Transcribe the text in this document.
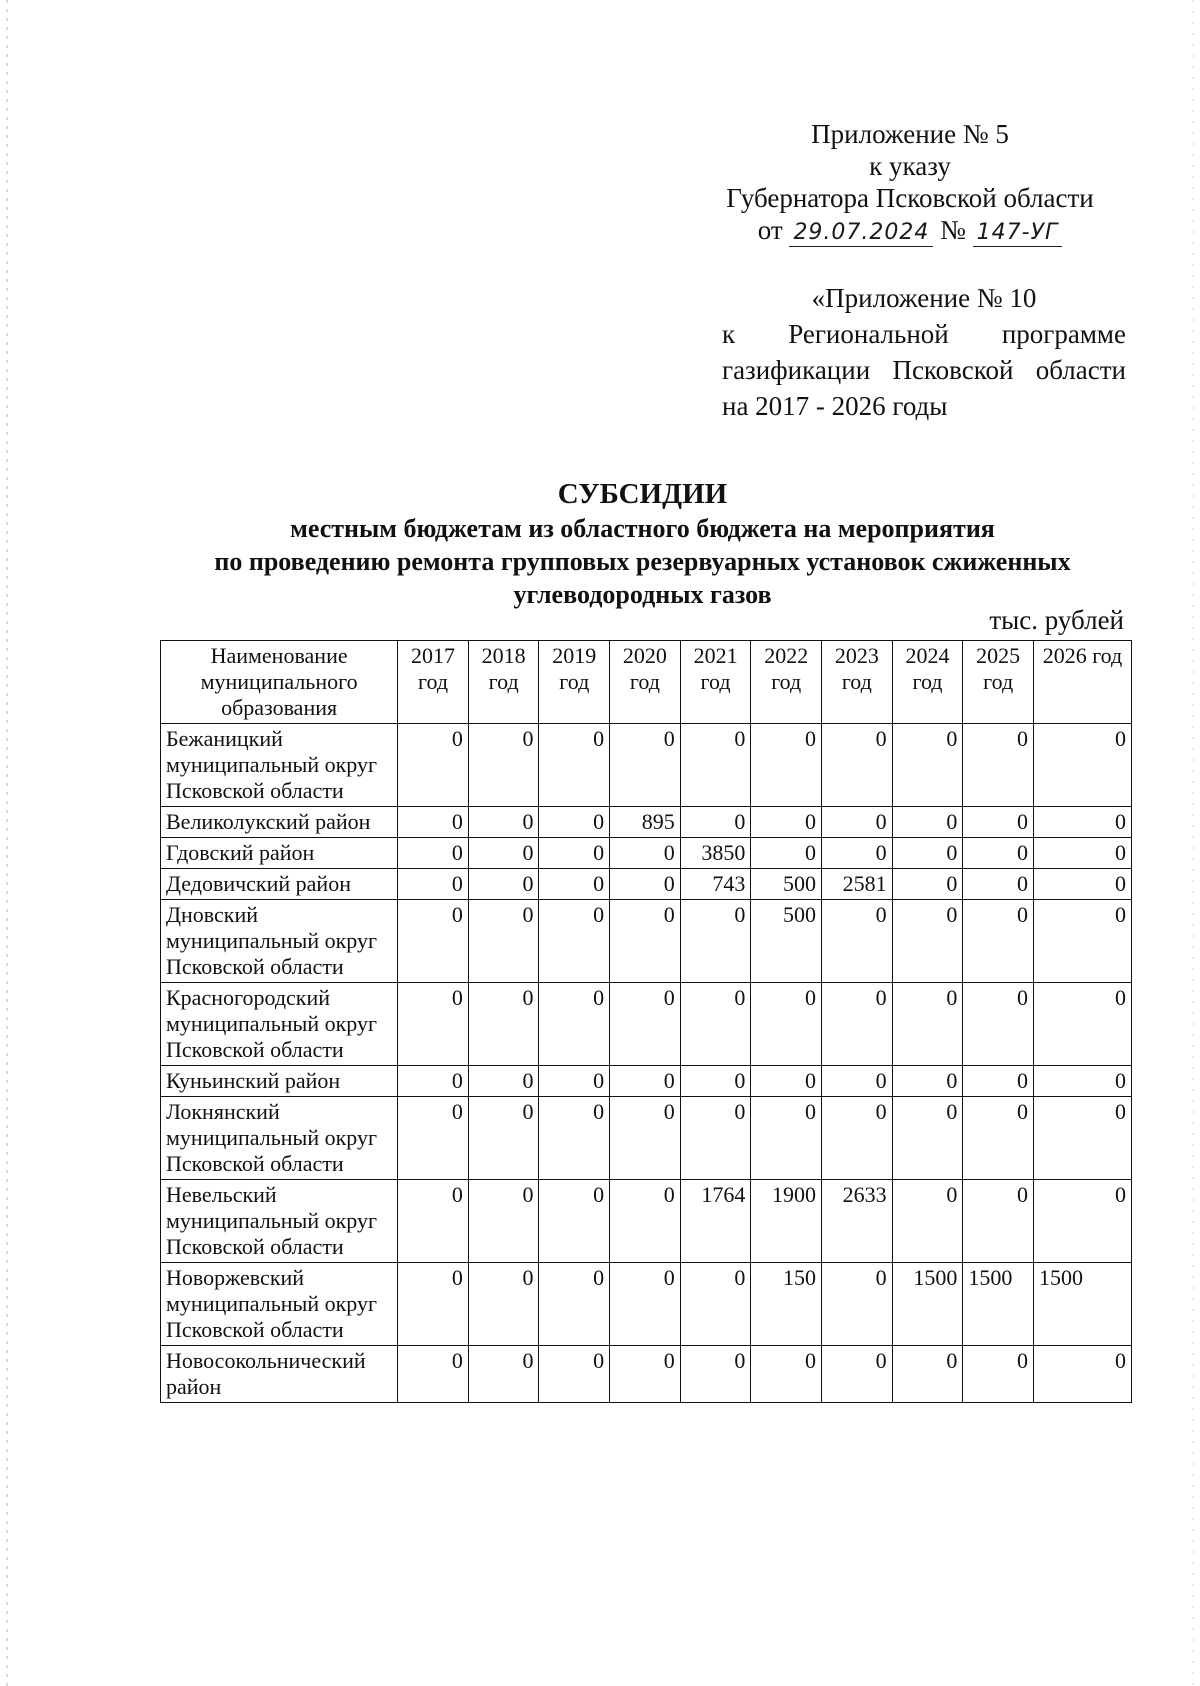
Приложение № 5
к указу
Губернатора Псковской области
от 29.07.2024 № 147-УГ
«Приложение № 10
к Региональной программе
газификации Псковской области
на 2017 - 2026 годы
СУБСИДИИ
местным бюджетам из областного бюджета на мероприятия
по проведению ремонта групповых резервуарных установок сжиженных
углеводородных газов
тыс. рублей
Наименование муниципального образования	2017 год	2018 год	2019 год	2020 год	2021 год	2022 год	2023 год	2024 год	2025 год	2026 год
Бежаницкий муниципальный округ Псковской области	0	0	0	0	0	0	0	0	0	0
Великолукский район	0	0	0	895	0	0	0	0	0	0
Гдовский район	0	0	0	0	3850	0	0	0	0	0
Дедовичский район	0	0	0	0	743	500	2581	0	0	0
Дновский муниципальный округ Псковской области	0	0	0	0	0	500	0	0	0	0
Красногородский муниципальный округ Псковской области	0	0	0	0	0	0	0	0	0	0
Куньинский район	0	0	0	0	0	0	0	0	0	0
Локнянский муниципальный округ Псковской области	0	0	0	0	0	0	0	0	0	0
Невельский муниципальный округ Псковской области	0	0	0	0	1764	1900	2633	0	0	0
Новоржевский муниципальный округ Псковской области	0	0	0	0	0	150	0	1500	1500	1500
Новосокольнический район	0	0	0	0	0	0	0	0	0	0
